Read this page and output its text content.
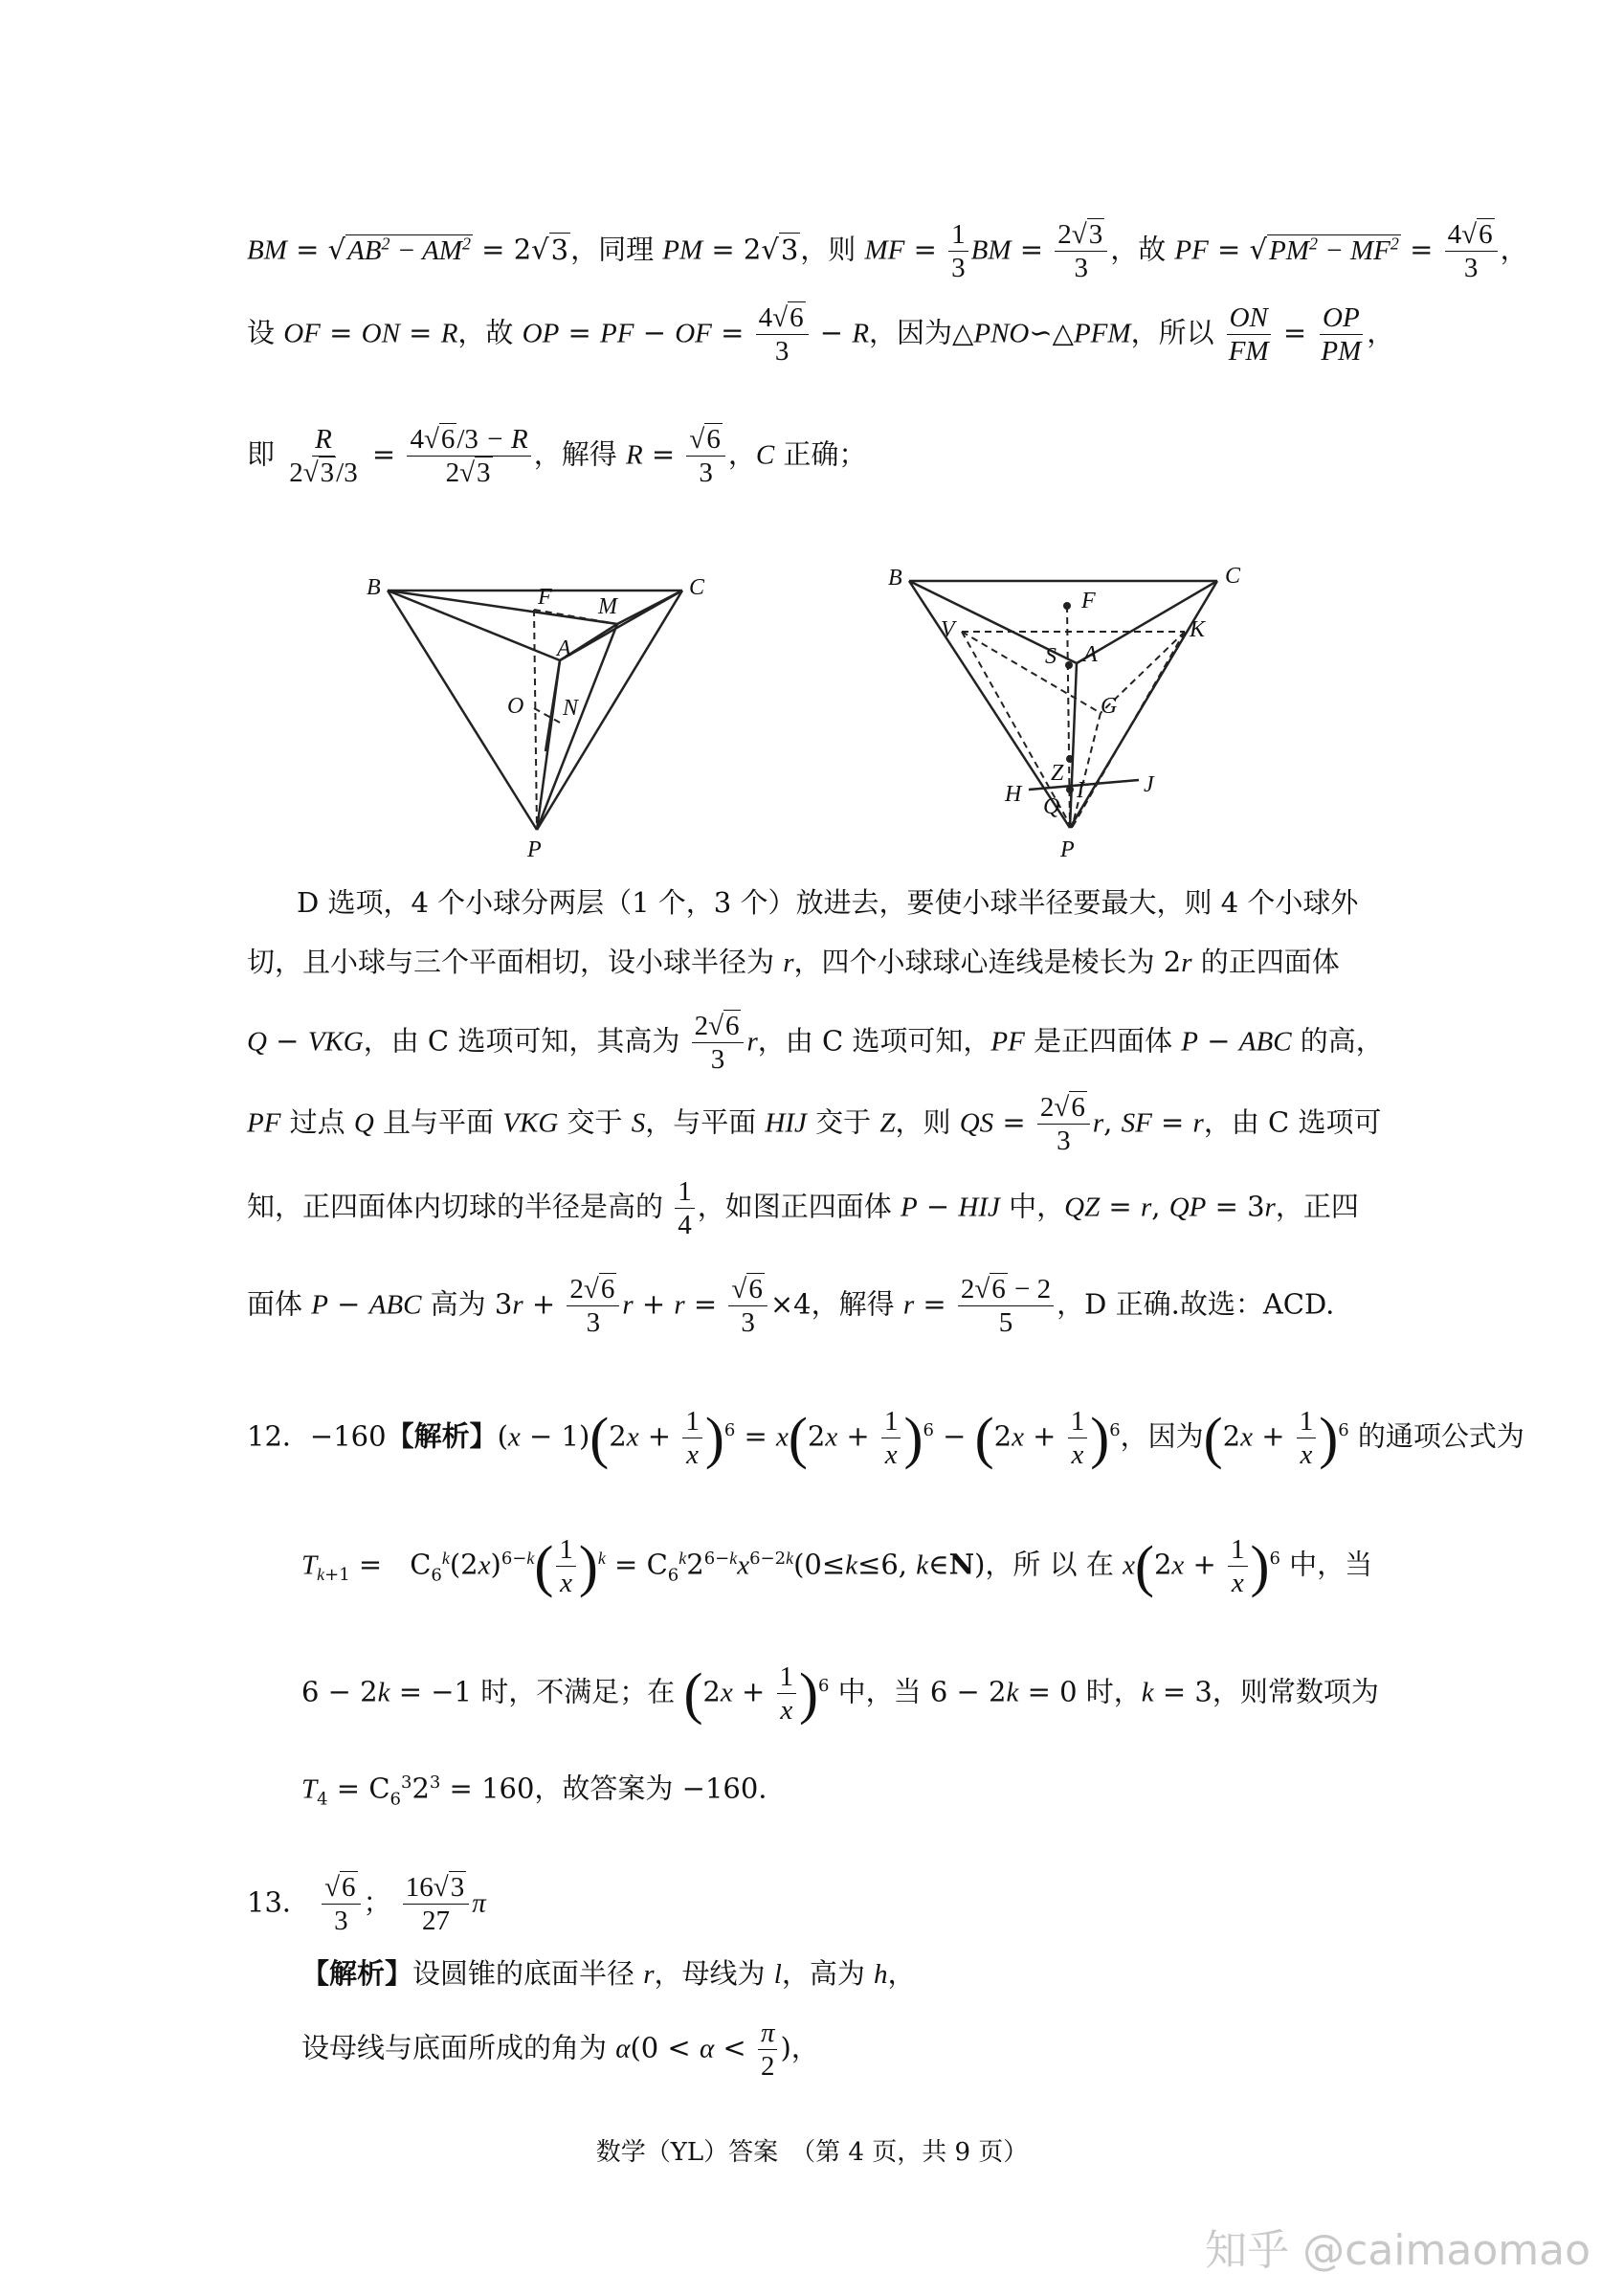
BM = $√AB^2 - AM^2 = 2√3$，同理 PM = 2√3，则 MF = $\frac{1}{3}$ BM = $\frac{2√3}{3}$ ，故 PF = $√PM^2 - MF^2 = \frac{4√6}{3}$ ，
设 OF = ON = R，故 OP = PF − OF = $\frac{4√6}{3} - R$，因为△PNO∽△PFM，所以 $\frac{ON}{FM} = \frac{OP}{PM}$ ，
即 $\frac{R}{2√3/3} = \frac{4√6/3 - R}{2√3}$ ，解得 $R = \frac{√6}{3}$ ，C 正确；
B	C
F M
A
O N
P
B	C
F
V	K
S A
G
H	J
Z
I
Q
P
D 选项，4 个小球分两层（1 个，3 个）放进去，要使小球半径要最大，则 4 个小球外
切，且小球与三个平面相切，设小球半径为 r，四个小球球心连线是棱长为 2r 的正四面体
Q − VKG，由 C 选项可知，其高为 $\frac{2√6}{3}$ r，由 C 选项可知，PF 是正四面体 P − ABC 的高，
PF 过点 Q 且与平面 VKG 交于 S，与平面 HIJ 交于 Z，则 QS = $\frac{2√6}{3} r$, SF = r，由 C 选项可
知，正四面体内切球的半径是高的 $\frac{1}{4}$ ，如图正四面体 P − HIJ 中，QZ = r, QP = 3r，正四
面体 P − ABC 高为 $3r + \frac{2√6}{3}$ $r + r = \frac{√6}{3} \times 4$，解得 $r = \frac{2√6 - 2}{5}$ ，D 正确.故选：ACD.
12．−160【解析】$(x - 1)(2x + \frac{1}{x} )^6 = x(2x + \frac{1}{x} )^6 - (2x + \frac{1}{x} )^6$，因为$(2x + \frac{1}{x} )^6$ 的通项公式为
$T_{k+1}$ =　$C_6^k(2x)^{6-k}( \frac{1}{x} )^k = C_6^k2^{6-k}x^{6-2k}(0\le k\le 6$, k∈N)，所 以 在 $x(2x + \frac{1}{x} )^6$ 中，当
6 − 2k = −1 时，不满足；在 $(2x + \frac{1}{x} )^6$ 中，当 6 − 2k = 0 时，k = 3，则常数项为
$T_4 = C_6^32^3 = 160$，故答案为 −160.
13． $\frac{√6}{3}$ ； $\frac{16√3}{27}$ π
【解析】设圆锥的底面半径 r，母线为 l，高为 h，
设母线与底面所成的角为 $\alpha(0 < \alpha < \frac{\pi}{2}$ )，
数学（YL）答案　（第 4 页，共 9 页）
知乎 @caimaomao
